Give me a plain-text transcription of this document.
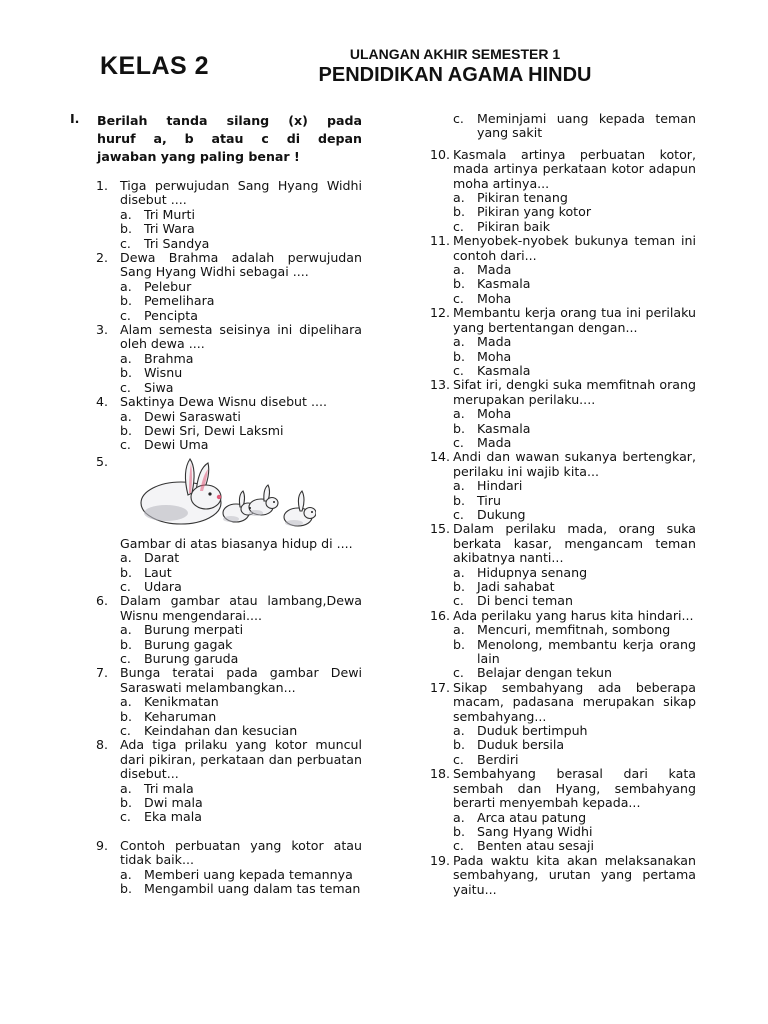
KELAS 2	ULANGAN AKHIR SEMESTER 1
PENDIDIKAN AGAMA HINDU
I. Berilah tanda silang (x) pada
huruf a, b atau c di depan
jawaban yang paling benar !
1. Tiga perwujudan Sang Hyang Widhi disebut ....
a. Tri Murti
b. Tri Wara
c. Tri Sandya
2. Dewa Brahma adalah perwujudan Sang Hyang Widhi sebagai ....
a. Pelebur
b. Pemelihara
c. Pencipta
3. Alam semesta seisinya ini dipelihara oleh dewa ....
a. Brahma
b. Wisnu
c. Siwa
4. Saktinya Dewa Wisnu disebut ....
a. Dewi Saraswati
b. Dewi Sri, Dewi Laksmi
c. Dewi Uma
5.
Gambar di atas biasanya hidup di ....
a. Darat
b. Laut
c. Udara
6. Dalam gambar atau lambang,Dewa Wisnu mengendarai....
a. Burung merpati
b. Burung gagak
c. Burung garuda
7. Bunga teratai pada gambar Dewi Saraswati melambangkan...
a. Kenikmatan
b. Keharuman
c. Keindahan dan kesucian
8. Ada tiga prilaku yang kotor muncul dari pikiran, perkataan dan perbuatan disebut...
a. Tri mala
b. Dwi mala
c. Eka mala
9. Contoh perbuatan yang kotor atau tidak baik...
a. Memberi uang kepada temannya
b. Mengambil uang dalam tas teman
c. Meminjami uang kepada teman yang sakit
10. Kasmala artinya perbuatan kotor, mada artinya perkataan kotor adapun moha artinya...
a. Pikiran tenang
b. Pikiran yang kotor
c. Pikiran baik
11. Menyobek-nyobek bukunya teman ini contoh dari...
a. Mada
b. Kasmala
c. Moha
12. Membantu kerja orang tua ini perilaku yang bertentangan dengan...
a. Mada
b. Moha
c. Kasmala
13. Sifat iri, dengki suka memfitnah orang merupakan perilaku....
a. Moha
b. Kasmala
c. Mada
14. Andi dan wawan sukanya bertengkar, perilaku ini wajib kita...
a. Hindari
b. Tiru
c. Dukung
15. Dalam perilaku mada, orang suka berkata kasar, mengancam teman akibatnya nanti...
a. Hidupnya senang
b. Jadi sahabat
c. Di benci teman
16. Ada perilaku yang harus kita hindari...
a. Mencuri, memfitnah, sombong
b. Menolong, membantu kerja orang lain
c. Belajar dengan tekun
17. Sikap sembahyang ada beberapa macam, padasana merupakan sikap sembahyang...
a. Duduk bertimpuh
b. Duduk bersila
c. Berdiri
18. Sembahyang berasal dari kata sembah dan Hyang, sembahyang berarti menyembah kepada...
a. Arca atau patung
b. Sang Hyang Widhi
c. Benten atau sesaji
19. Pada waktu kita akan melaksanakan sembahyang, urutan yang pertama yaitu...
